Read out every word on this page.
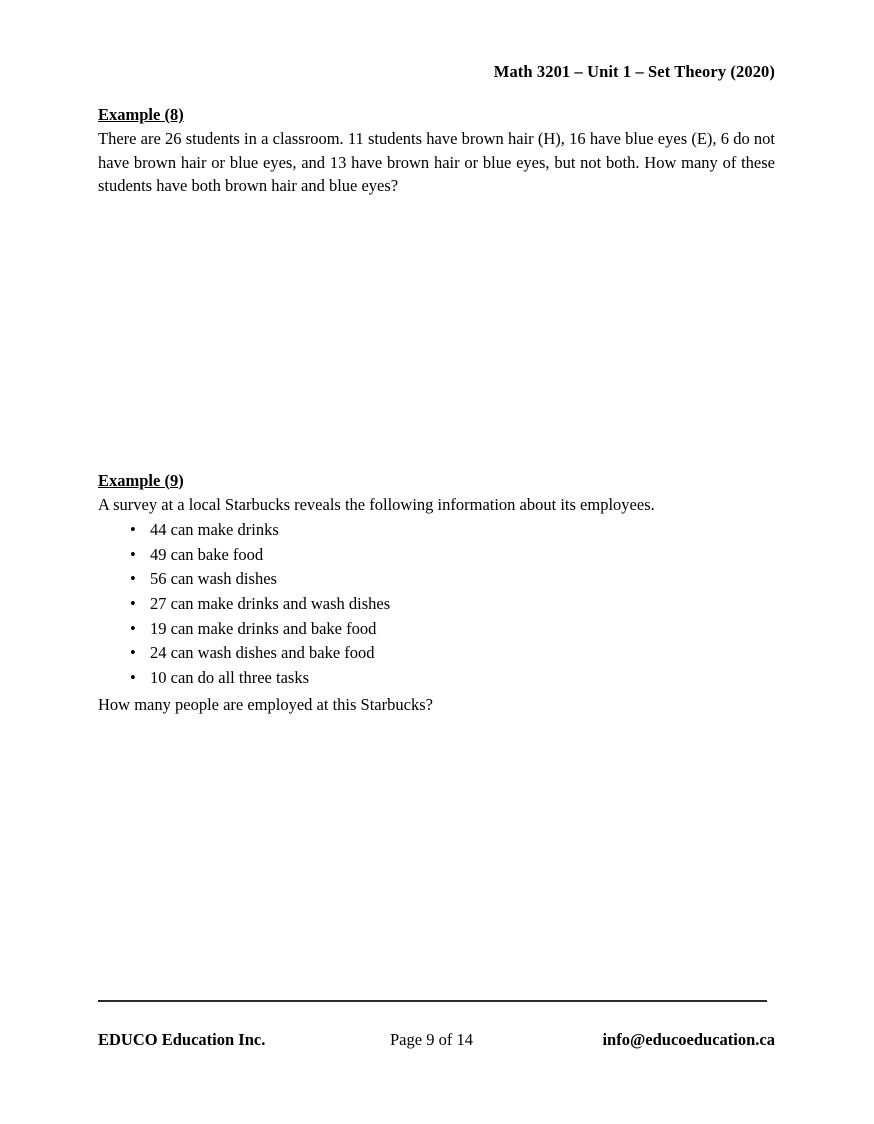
Math 3201 – Unit 1 – Set Theory (2020)
Example (8)

There are 26 students in a classroom. 11 students have brown hair (H), 16 have blue eyes (E), 6 do not have brown hair or blue eyes, and 13 have brown hair or blue eyes, but not both. How many of these students have both brown hair and blue eyes?

Example (9)

A survey at a local Starbucks reveals the following information about its employees.

• 44 can make drinks
• 49 can bake food
• 56 can wash dishes
• 27 can make drinks and wash dishes
• 19 can make drinks and bake food
• 24 can wash dishes and bake food
• 10 can do all three tasks

How many people are employed at this Starbucks?

EDUCO Education Inc.	Page 9 of 14	info@educoeducation.ca
